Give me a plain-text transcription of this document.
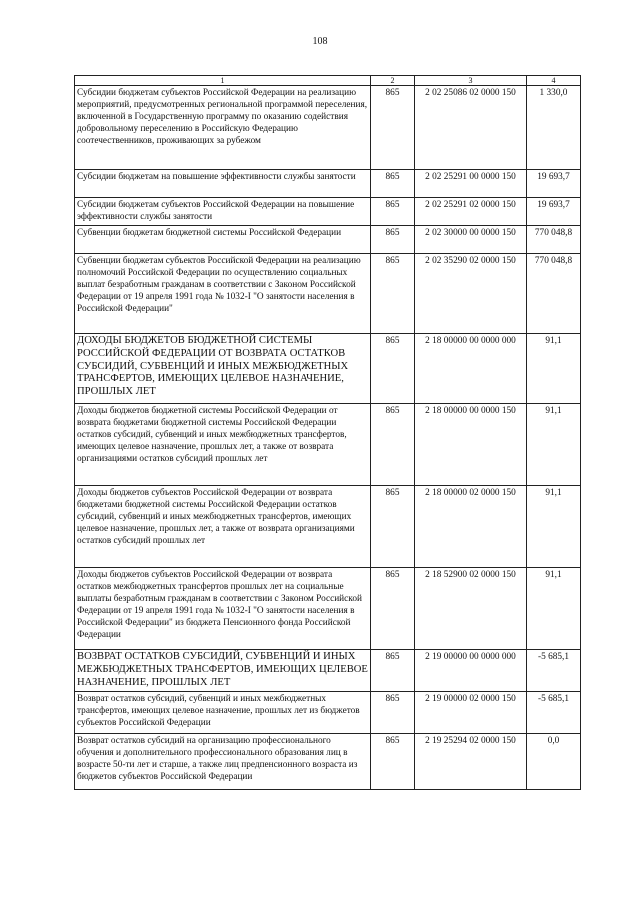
108
1	2	3	4
Субсидии бюджетам субъектов Российской Федерации на реализацию мероприятий, предусмотренных региональной программой переселения, включенной в Государственную программу по оказанию содействия добровольному переселению в Российскую Федерацию соотечественников, проживающих за рубежом	865	2 02 25086 02 0000 150	1 330,0
Субсидии бюджетам на повышение эффективности службы занятости	865	2 02 25291 00 0000 150	19 693,7
Субсидии бюджетам субъектов Российской Федерации на повышение эффективности службы занятости	865	2 02 25291 02 0000 150	19 693,7
Субвенции бюджетам бюджетной системы Российской Федерации	865	2 02 30000 00 0000 150	770 048,8
Субвенции бюджетам субъектов Российской Федерации на реализацию полномочий Российской Федерации по осуществлению социальных выплат безработным гражданам в соответствии с Законом Российской Федерации от 19 апреля 1991 года № 1032-I "О занятости населения в Российской Федерации"	865	2 02 35290 02 0000 150	770 048,8
ДОХОДЫ БЮДЖЕТОВ БЮДЖЕТНОЙ СИСТЕМЫ РОССИЙСКОЙ ФЕДЕРАЦИИ ОТ ВОЗВРАТА ОСТАТКОВ СУБСИДИЙ, СУБВЕНЦИЙ И ИНЫХ МЕЖБЮДЖЕТНЫХ ТРАНСФЕРТОВ, ИМЕЮЩИХ ЦЕЛЕВОЕ НАЗНАЧЕНИЕ, ПРОШЛЫХ ЛЕТ	865	2 18 00000 00 0000 000	91,1
Доходы бюджетов бюджетной системы Российской Федерации от возврата бюджетами бюджетной системы Российской Федерации остатков субсидий, субвенций и иных межбюджетных трансфертов, имеющих целевое назначение, прошлых лет, а также от возврата организациями остатков субсидий прошлых лет	865	2 18 00000 00 0000 150	91,1
Доходы бюджетов субъектов Российской Федерации от возврата бюджетами бюджетной системы Российской Федерации остатков субсидий, субвенций и иных межбюджетных трансфертов, имеющих целевое назначение, прошлых лет, а также от возврата организациями остатков субсидий прошлых лет	865	2 18 00000 02 0000 150	91,1
Доходы бюджетов субъектов Российской Федерации от возврата остатков межбюджетных трансфертов прошлых лет на социальные выплаты безработным гражданам в соответствии с Законом Российской Федерации от 19 апреля 1991 года № 1032-I "О занятости населения в Российской Федерации" из бюджета Пенсионного фонда Российской Федерации	865	2 18 52900 02 0000 150	91,1
ВОЗВРАТ ОСТАТКОВ СУБСИДИЙ, СУБВЕНЦИЙ И ИНЫХ МЕЖБЮДЖЕТНЫХ ТРАНСФЕРТОВ, ИМЕЮЩИХ ЦЕЛЕВОЕ НАЗНАЧЕНИЕ, ПРОШЛЫХ ЛЕТ	865	2 19 00000 00 0000 000	-5 685,1
Возврат остатков субсидий, субвенций и иных межбюджетных трансфертов, имеющих целевое назначение, прошлых лет из бюджетов субъектов Российской Федерации	865	2 19 00000 02 0000 150	-5 685,1
Возврат остатков субсидий на организацию профессионального обучения и дополнительного профессионального образования лиц в возрасте 50-ти лет и старше, а также лиц предпенсионного возраста из бюджетов субъектов Российской Федерации	865	2 19 25294 02 0000 150	0,0
